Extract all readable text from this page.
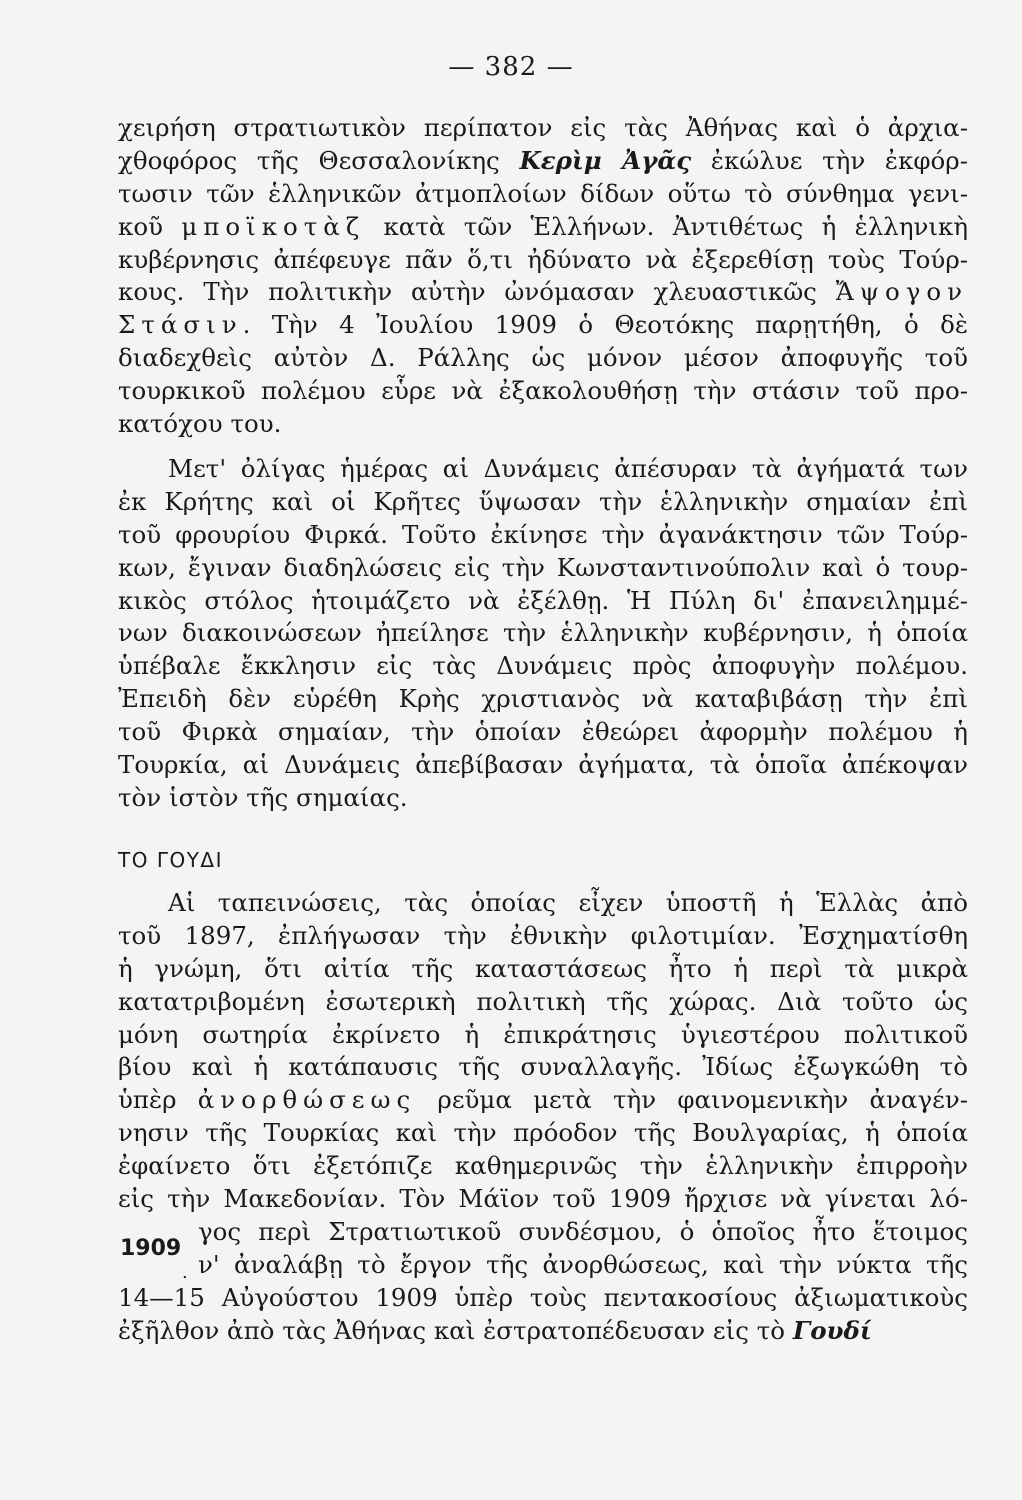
— 382 —
χειρήση στρατιωτικὸν περίπατον εἰς τὰς Ἀθήνας καὶ ὁ ἀρχια-
χθοφόρος τῆς Θεσσαλονίκης Κερὶμ Ἀγᾶς ἐκώλυε τὴν ἐκφόρ-
τωσιν τῶν ἑλληνικῶν ἀτμοπλοίων δίδων οὕτω τὸ σύνθημα γενι-
κοῦ μποϊκοτὰζ κατὰ τῶν Ἑλλήνων. Ἀντιθέτως ἡ ἑλληνικὴ
κυβέρνησις ἀπέφευγε πᾶν ὅ,τι ἠδύνατο νὰ ἐξερεθίσῃ τοὺς Τούρ-
κους. Τὴν πολιτικὴν αὐτὴν ὠνόμασαν χλευαστικῶς Ἄψογον
Στάσιν. Τὴν 4 Ἰουλίου 1909 ὁ Θεοτόκης παρῃτήθη, ὁ δὲ
διαδεχθεὶς αὐτὸν Δ. Ράλλης ὡς μόνον μέσον ἀποφυγῆς τοῦ
τουρκικοῦ πολέμου εὗρε νὰ ἐξακολουθήσῃ τὴν στάσιν τοῦ προ-
κατόχου του.
Μετ' ὀλίγας ἡμέρας αἱ Δυνάμεις ἀπέσυραν τὰ ἀγήματά των
ἐκ Κρήτης καὶ οἱ Κρῆτες ὕψωσαν τὴν ἑλληνικὴν σημαίαν ἐπὶ
τοῦ φρουρίου Φιρκά. Τοῦτο ἐκίνησε τὴν ἀγανάκτησιν τῶν Τούρ-
κων, ἔγιναν διαδηλώσεις εἰς τὴν Κωνσταντινούπολιν καὶ ὁ τουρ-
κικὸς στόλος ἡτοιμάζετο νὰ ἐξέλθῃ. Ἡ Πύλη δι' ἐπανειλημμέ-
νων διακοινώσεων ἠπείλησε τὴν ἑλληνικὴν κυβέρνησιν, ἡ ὁποία
ὑπέβαλε ἔκκλησιν εἰς τὰς Δυνάμεις πρὸς ἀποφυγὴν πολέμου.
Ἐπειδὴ δὲν εὑρέθη Κρὴς χριστιανὸς νὰ καταβιβάσῃ τὴν ἐπὶ
τοῦ Φιρκὰ σημαίαν, τὴν ὁποίαν ἐθεώρει ἀφορμὴν πολέμου ἡ
Τουρκία, αἱ Δυνάμεις ἀπεβίβασαν ἀγήματα, τὰ ὁποῖα ἀπέκοψαν
τὸν ἱστὸν τῆς σημαίας.
ΤΟ ΓΟΥΔΙ
Αἱ ταπεινώσεις, τὰς ὁποίας εἶχεν ὑποστῆ ἡ Ἑλλὰς ἀπὸ
τοῦ 1897, ἐπλήγωσαν τὴν ἐθνικὴν φιλοτιμίαν. Ἐσχηματίσθη
ἡ γνώμη, ὅτι αἰτία τῆς καταστάσεως ἦτο ἡ περὶ τὰ μικρὰ
κατατριβομένη ἐσωτερικὴ πολιτικὴ τῆς χώρας. Διὰ τοῦτο ὡς
μόνη σωτηρία ἐκρίνετο ἡ ἐπικράτησις ὑγιεστέρου πολιτικοῦ
βίου καὶ ἡ κατάπαυσις τῆς συναλλαγῆς. Ἰδίως ἐξωγκώθη τὸ
ὑπὲρ ἀνορθώσεως ρεῦμα μετὰ τὴν φαινομενικὴν ἀναγέν-
νησιν τῆς Τουρκίας καὶ τὴν πρόοδον τῆς Βουλγαρίας, ἡ ὁποία
ἐφαίνετο ὅτι ἐξετόπιζε καθημερινῶς τὴν ἑλληνικὴν ἐπιρροὴν
εἰς τὴν Μακεδονίαν. Τὸν Μάϊον τοῦ 1909 ἤρχισε νὰ γίνεται λό-
γος περὶ Στρατιωτικοῦ συνδέσμου, ὁ ὁποῖος ἦτο ἕτοιμος
ν' ἀναλάβῃ τὸ ἔργον τῆς ἀνορθώσεως, καὶ τὴν νύκτα τῆς
14—15 Αὐγούστου 1909 ὑπὲρ τοὺς πεντακοσίους ἀξιωματικοὺς
ἐξῆλθον ἀπὸ τὰς Ἀθήνας καὶ ἐστρατοπέδευσαν εἰς τὸ Γουδί
1909
.
